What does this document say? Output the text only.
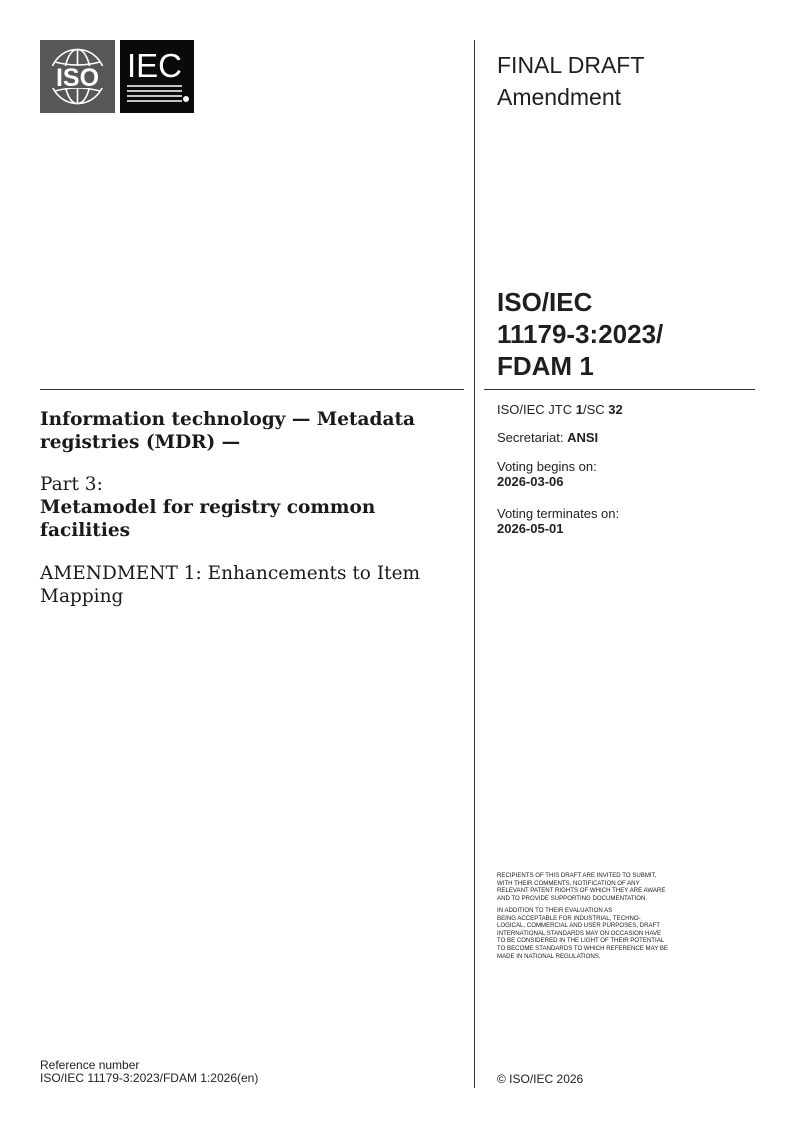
ISO IEC	FINAL DRAFT
Amendment
ISO/IEC
11179-3:2023/
FDAM 1
ISO/IEC JTC 1/SC 32
Secretariat: ANSI
Voting begins on:
2026-03-06
Voting terminates on:
2026-05-01
Information technology — Metadata registries (MDR) —
Part 3:
Metamodel for registry common facilities
AMENDMENT 1: Enhancements to Item Mapping
RECIPIENTS OF THIS DRAFT ARE INVITED TO SUBMIT,
WITH THEIR COMMENTS, NOTIFICATION OF ANY
RELEVANT PATENT RIGHTS OF WHICH THEY ARE AWARE
AND TO PROVIDE SUPPORTING DOCUMENTATION.
IN ADDITION TO THEIR EVALUATION AS
BEING ACCEPTABLE FOR INDUSTRIAL, TECHNO-
LOGICAL, COMMERCIAL AND USER PURPOSES, DRAFT
INTERNATIONAL STANDARDS MAY ON OCCASION HAVE
TO BE CONSIDERED IN THE LIGHT OF THEIR POTENTIAL
TO BECOME STANDARDS TO WHICH REFERENCE MAY BE
MADE IN NATIONAL REGULATIONS.
Reference number
ISO/IEC 11179-3:2023/FDAM 1:2026(en)	© ISO/IEC 2026
